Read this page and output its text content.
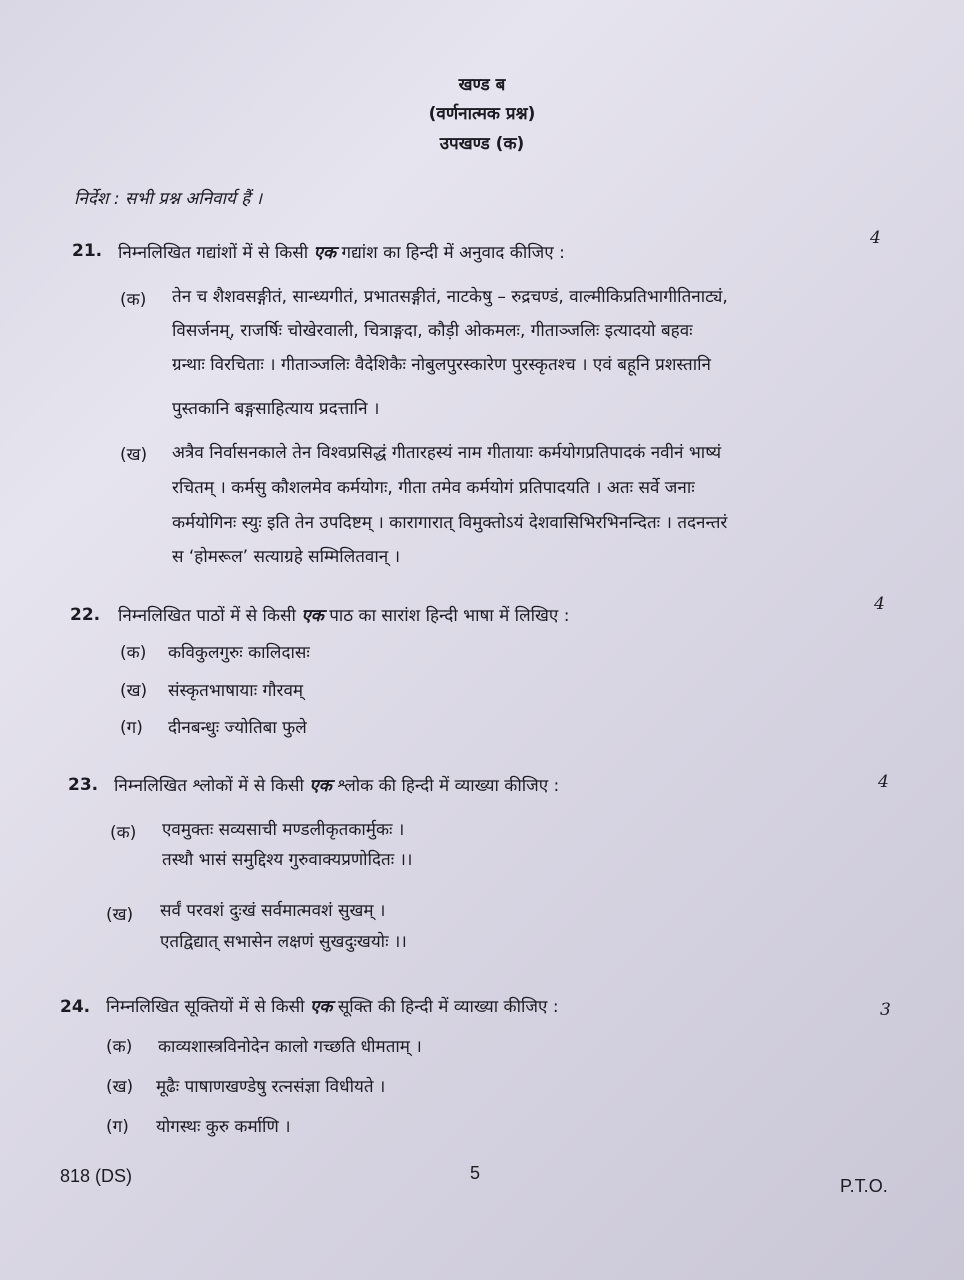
खण्ड ब
(वर्णनात्मक प्रश्न)
उपखण्ड (क)
निर्देश : सभी प्रश्न अनिवार्य हैं ।
21. निम्नलिखित गद्यांशों में से किसी एक गद्यांश का हिन्दी में अनुवाद कीजिए :
4
(क) तेन च शैशवसङ्गीतं, सान्ध्यगीतं, प्रभातसङ्गीतं, नाटकेषु – रुद्रचण्डं, वाल्मीकिप्रतिभागीतिनाट्यं,
विसर्जनम्, राजर्षिः चोखेरवाली, चित्राङ्गदा, कौड़ी ओकमलः, गीताञ्जलिः इत्यादयो बहवः
ग्रन्थाः विरचिताः । गीताञ्जलिः वैदेशिकैः नोबुलपुरस्कारेण पुरस्कृतश्च । एवं बहूनि प्रशस्तानि
पुस्तकानि बङ्गसाहित्याय प्रदत्तानि ।
(ख) अत्रैव निर्वासनकाले तेन विश्वप्रसिद्धं गीतारहस्यं नाम गीतायाः कर्मयोगप्रतिपादकं नवीनं भाष्यं
रचितम् । कर्मसु कौशलमेव कर्मयोगः, गीता तमेव कर्मयोगं प्रतिपादयति । अतः सर्वे जनाः
कर्मयोगिनः स्युः इति तेन उपदिष्टम् । कारागारात् विमुक्तोऽयं देशवासिभिरभिनन्दितः । तदनन्तरं
स ‘होमरूल’ सत्याग्रहे सम्मिलितवान् ।
22. निम्नलिखित पाठों में से किसी एक पाठ का सारांश हिन्दी भाषा में लिखिए :
4
(क) कविकुलगुरुः कालिदासः
(ख) संस्कृतभाषायाः गौरवम्
(ग) दीनबन्धुः ज्योतिबा फुले
23. निम्नलिखित श्लोकों में से किसी एक श्लोक की हिन्दी में व्याख्या कीजिए :	4
(क) एवमुक्तः सव्यसाची मण्डलीकृतकार्मुकः ।
तस्थौ भासं समुद्दिश्य गुरुवाक्यप्रणोदितः ।।
(ख) सर्वं परवशं दुःखं सर्वमात्मवशं सुखम् ।
एतद्विद्यात् सभासेन लक्षणं सुखदुःखयोः ।।
24. निम्नलिखित सूक्तियों में से किसी एक सूक्ति की हिन्दी में व्याख्या कीजिए :	3
(क) काव्यशास्त्रविनोदेन कालो गच्छति धीमताम् ।
(ख) मूढैः पाषाणखण्डेषु रत्नसंज्ञा विधीयते ।
(ग) योगस्थः कुरु कर्माणि ।
818 (DS)	5
P.T.O.
